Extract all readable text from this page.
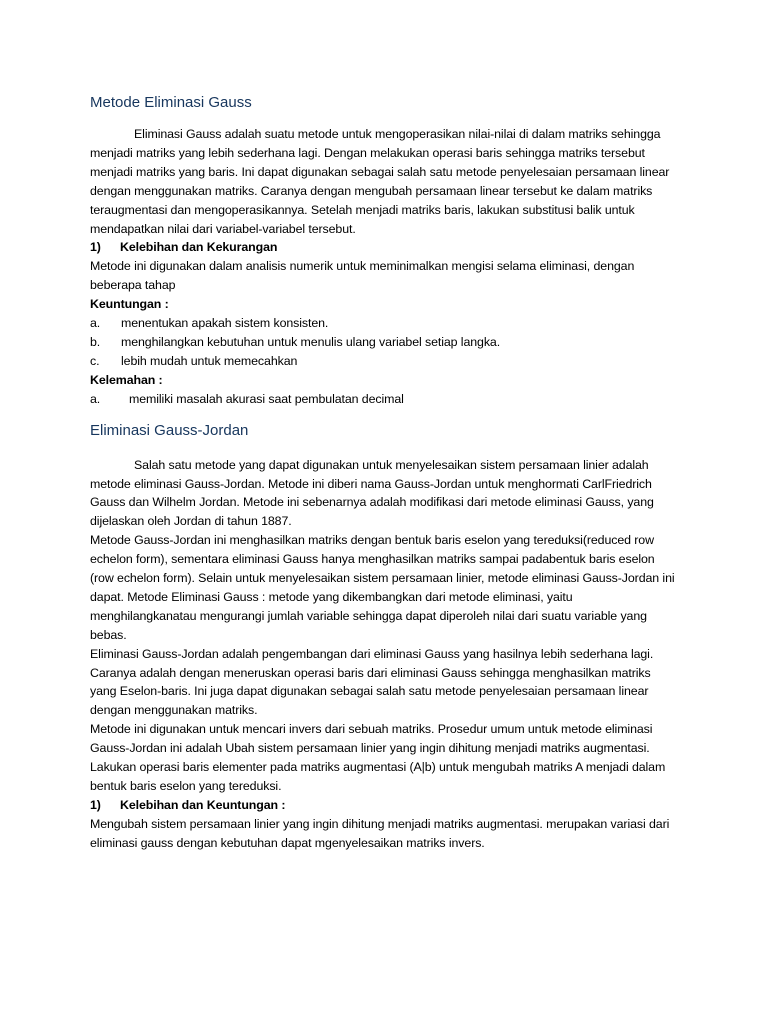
Metode Eliminasi Gauss

Eliminasi Gauss adalah suatu metode untuk mengoperasikan nilai-nilai di dalam matriks sehingga menjadi matriks yang lebih sederhana lagi. Dengan melakukan operasi baris sehingga matriks tersebut menjadi matriks yang baris. Ini dapat digunakan sebagai salah satu metode penyelesaian persamaan linear dengan menggunakan matriks. Caranya dengan mengubah persamaan linear tersebut ke dalam matriks teraugmentasi dan mengoperasikannya. Setelah menjadi matriks baris, lakukan substitusi balik untuk mendapatkan nilai dari variabel-variabel tersebut.

1)	Kelebihan dan Kekurangan

Metode ini digunakan dalam analisis numerik untuk meminimalkan mengisi selama eliminasi, dengan beberapa tahap

Keuntungan :

a.	menentukan apakah sistem konsisten.
b.	menghilangkan kebutuhan untuk menulis ulang variabel setiap langka.
c.	lebih mudah untuk memecahkan

Kelemahan :

a.	memiliki masalah akurasi saat pembulatan decimal
Eliminasi Gauss-Jordan

Salah satu metode yang dapat digunakan untuk menyelesaikan sistem persamaan linier adalah metode eliminasi Gauss-Jordan. Metode ini diberi nama Gauss-Jordan untuk menghormati CarlFriedrich Gauss dan Wilhelm Jordan. Metode ini sebenarnya adalah modifikasi dari metode eliminasi Gauss, yang dijelaskan oleh Jordan di tahun 1887.

Metode Gauss-Jordan ini menghasilkan matriks dengan bentuk baris eselon yang tereduksi(reduced row echelon form), sementara eliminasi Gauss hanya menghasilkan matriks sampai padabentuk baris eselon (row echelon form). Selain untuk menyelesaikan sistem persamaan linier, metode eliminasi Gauss-Jordan ini dapat. Metode Eliminasi Gauss : metode yang dikembangkan dari metode eliminasi, yaitu menghilangkanatau mengurangi jumlah variable sehingga dapat diperoleh nilai dari suatu variable yang bebas.

Eliminasi Gauss-Jordan adalah pengembangan dari eliminasi Gauss yang hasilnya lebih sederhana lagi. Caranya adalah dengan meneruskan operasi baris dari eliminasi Gauss sehingga menghasilkan matriks yang Eselon-baris. Ini juga dapat digunakan sebagai salah satu metode penyelesaian persamaan linear dengan menggunakan matriks.

Metode ini digunakan untuk mencari invers dari sebuah matriks. Prosedur umum untuk metode eliminasi Gauss-Jordan ini adalah Ubah sistem persamaan linier yang ingin dihitung menjadi matriks augmentasi. Lakukan operasi baris elementer pada matriks augmentasi (A|b) untuk mengubah matriks A menjadi dalam bentuk baris eselon yang tereduksi.

1)	Kelebihan dan Keuntungan :

Mengubah sistem persamaan linier yang ingin dihitung menjadi matriks augmentasi. merupakan variasi dari eliminasi gauss dengan kebutuhan dapat mgenyelesaikan matriks invers.
